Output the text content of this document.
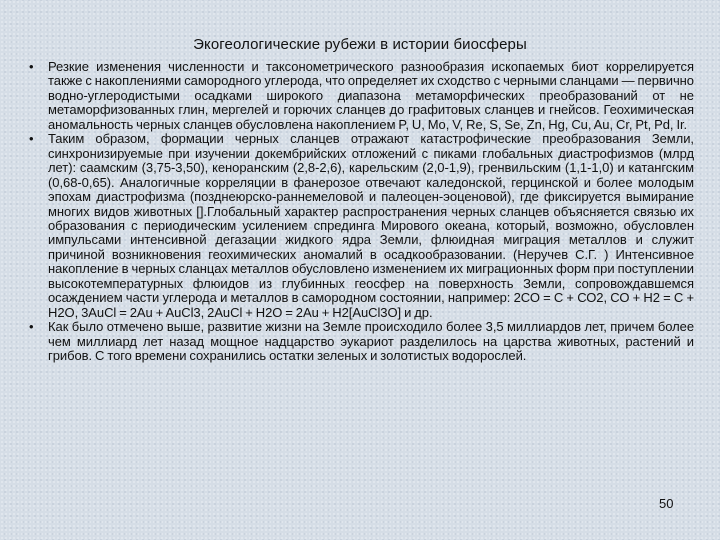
Экогеологические рубежи в истории биосферы
• Резкие изменения численности и таксонометрического разнообразия ископаемых биот коррелируется также с накоплениями самородного углерода, что определяет их сходство с черными сланцами — первично водно-углеродистыми осадками широкого диапазона метаморфических преобразований от не метаморфизованных глин, мергелей и горючих сланцев до графитовых сланцев и гнейсов. Геохимическая аномальность черных сланцев обусловлена накоплением P, U, Mo, V, Re, S, Se, Zn, Hg, Cu, Au, Cr, Pt, Pd, Ir.
• Таким образом, формации черных сланцев отражают катастрофические преобразования Земли, синхронизируемые при изучении докембрийских отложений с пиками глобальных диастрофизмов (млрд лет): саамским (3,75-3,50), кеноранским (2,8-2,6), карельским (2,0-1,9), гренвильским (1,1-1,0) и катангским (0,68-0,65). Аналогичные корреляции в фанерозое отвечают каледонской, герцинской и более молодым эпохам диастрофизма (позднеюрско-раннемеловой и палеоцен-эоценовой), где фиксируется вымирание многих видов животных [].Глобальный характер распространения черных сланцев объясняется связью их образования с периодическим усилением спрединга Мирового океана, который, возможно, обусловлен импульсами интенсивной дегазации жидкого ядра Земли, флюидная миграция металлов и служит причиной возникновения геохимических аномалий в осадкообразовании. (Неручев С.Г. ) Интенсивное накопление в черных сланцах металлов обусловлено изменением их миграционных форм при поступлении высокотемпературных флюидов из глубинных геосфер на поверхность Земли, сопровождавшемся осаждением части углерода и металлов в самородном состоянии, например: 2СО = С + СО2, СО + Н2 = С + Н2О, 3AuCl = 2Au + AuCl3, 2AuCl + H2O = 2Au + H2[AuCl3O] и др.
• Как было отмечено выше, развитие жизни на Земле происходило более 3,5 миллиардов лет, причем более чем миллиард лет назад мощное надцарство эукариот разделилось на царства животных, растений и грибов. С того времени сохранились остатки зеленых и золотистых водорослей.
50
